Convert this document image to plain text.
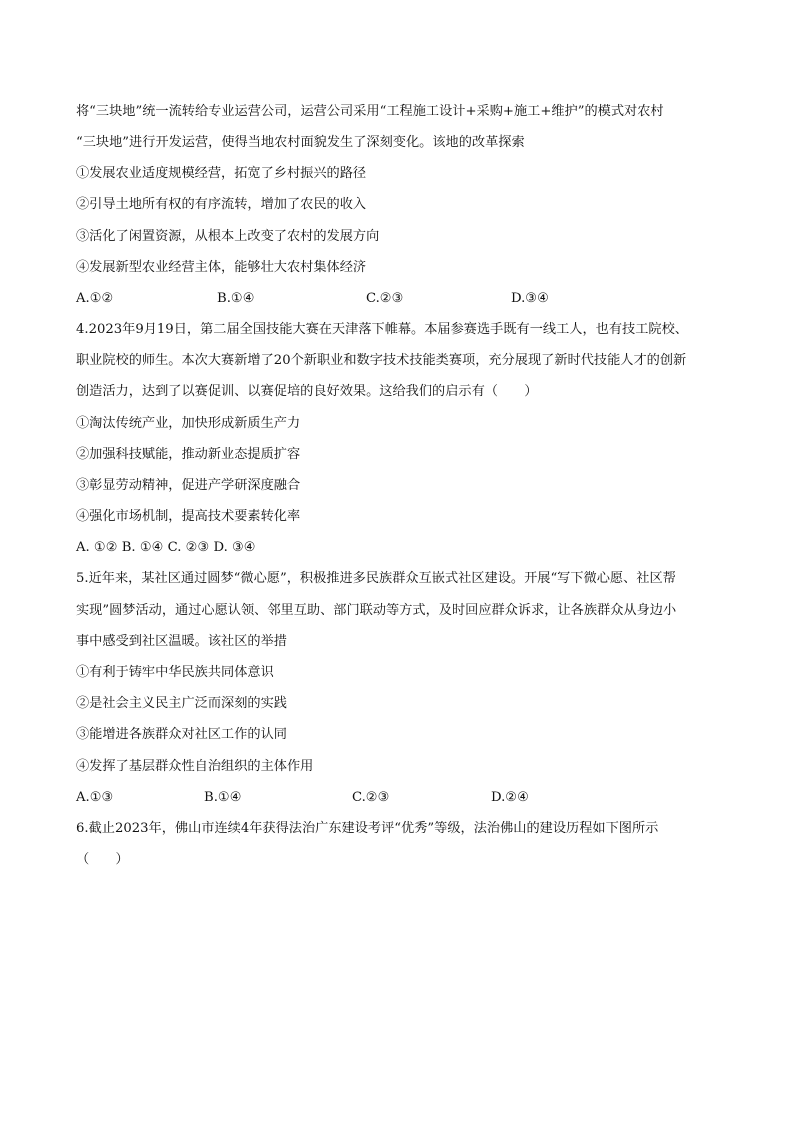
将“三块地”统一流转给专业运营公司，运营公司采用“工程施工设计+采购+施工+维护”的模式对农村
“三块地”进行开发运营，使得当地农村面貌发生了深刻变化。该地的改革探索
①发展农业适度规模经营，拓宽了乡村振兴的路径
②引导土地所有权的有序流转，增加了农民的收入
③活化了闲置资源，从根本上改变了农村的发展方向
④发展新型农业经营主体，能够壮大农村集体经济
A.①②	B.①④	C.②③	D.③④
4.2023年9月19日，第二届全国技能大赛在天津落下帷幕。本届参赛选手既有一线工人，也有技工院校、
职业院校的师生。本次大赛新增了20个新职业和数字技术技能类赛项，充分展现了新时代技能人才的创新
创造活力，达到了以赛促训、以赛促培的良好效果。这给我们的启示有（　　）
①淘汰传统产业，加快形成新质生产力
②加强科技赋能，推动新业态提质扩容
③彰显劳动精神，促进产学研深度融合
④强化市场机制，提高技术要素转化率
A. ①② B. ①④ C. ②③ D. ③④
5.近年来，某社区通过圆梦“微心愿”，积极推进多民族群众互嵌式社区建设。开展“写下微心愿、社区帮
实现”圆梦活动，通过心愿认领、邻里互助、部门联动等方式，及时回应群众诉求，让各族群众从身边小
事中感受到社区温暖。该社区的举措
①有利于铸牢中华民族共同体意识
②是社会主义民主广泛而深刻的实践
③能增进各族群众对社区工作的认同
④发挥了基层群众性自治组织的主体作用
A.①③	B.①④	C.②③	D.②④
6.截止2023年，佛山市连续4年获得法治广东建设考评“优秀”等级，法治佛山的建设历程如下图所示
（　　）
